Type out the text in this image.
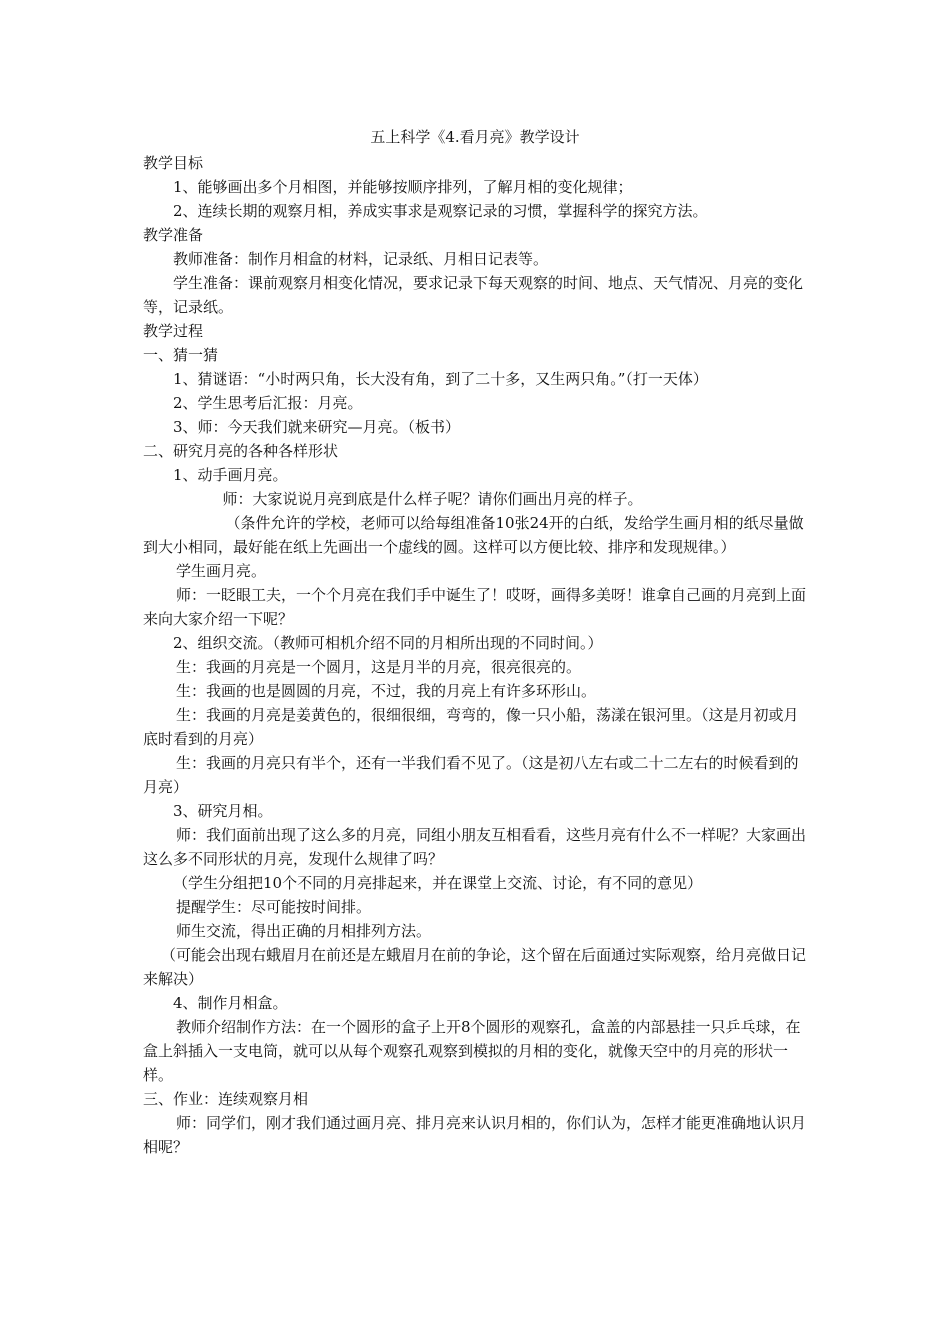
五上科学《4.看月亮》教学设计

教学目标

1、能够画出多个月相图，并能够按顺序排列，了解月相的变化规律；

2、连续长期的观察月相，养成实事求是观察记录的习惯，掌握科学的探究方法。

教学准备

教师准备：制作月相盒的材料，记录纸、月相日记表等。

学生准备：课前观察月相变化情况，要求记录下每天观察的时间、地点、天气情况、月亮的变化等，记录纸。

教学过程

一、猜一猜

1、猜谜语：“小时两只角，长大没有角，到了二十多，又生两只角。”（打一天体）

2、学生思考后汇报：月亮。

3、师：今天我们就来研究—月亮。（板书）

二、研究月亮的各种各样形状

1、动手画月亮。

师：大家说说月亮到底是什么样子呢？请你们画出月亮的样子。

（条件允许的学校，老师可以给每组准备10张24开的白纸，发给学生画月相的纸尽量做到大小相同，最好能在纸上先画出一个虚线的圆。这样可以方便比较、排序和发现规律。）

学生画月亮。

师：一眨眼工夫，一个个月亮在我们手中诞生了！哎呀，画得多美呀！谁拿自己画的月亮到上面来向大家介绍一下呢？

2、组织交流。（教师可相机介绍不同的月相所出现的不同时间。）

生：我画的月亮是一个圆月，这是月半的月亮，很亮很亮的。

生：我画的也是圆圆的月亮，不过，我的月亮上有许多环形山。

生：我画的月亮是姜黄色的，很细很细，弯弯的，像一只小船，荡漾在银河里。（这是月初或月底时看到的月亮）

生：我画的月亮只有半个，还有一半我们看不见了。（这是初八左右或二十二左右的时候看到的月亮）

3、研究月相。

师：我们面前出现了这么多的月亮，同组小朋友互相看看，这些月亮有什么不一样呢？大家画出这么多不同形状的月亮，发现什么规律了吗？

（学生分组把10个不同的月亮排起来，并在课堂上交流、讨论，有不同的意见）

提醒学生：尽可能按时间排。

师生交流，得出正确的月相排列方法。

（可能会出现右蛾眉月在前还是左蛾眉月在前的争论，这个留在后面通过实际观察，给月亮做日记来解决）

4、制作月相盒。

教师介绍制作方法：在一个圆形的盒子上开8个圆形的观察孔，盒盖的内部悬挂一只乒乓球，在盒上斜插入一支电筒，就可以从每个观察孔观察到模拟的月相的变化，就像天空中的月亮的形状一样。

三、作业：连续观察月相

师：同学们，刚才我们通过画月亮、排月亮来认识月相的，你们认为，怎样才能更准确地认识月相呢？
